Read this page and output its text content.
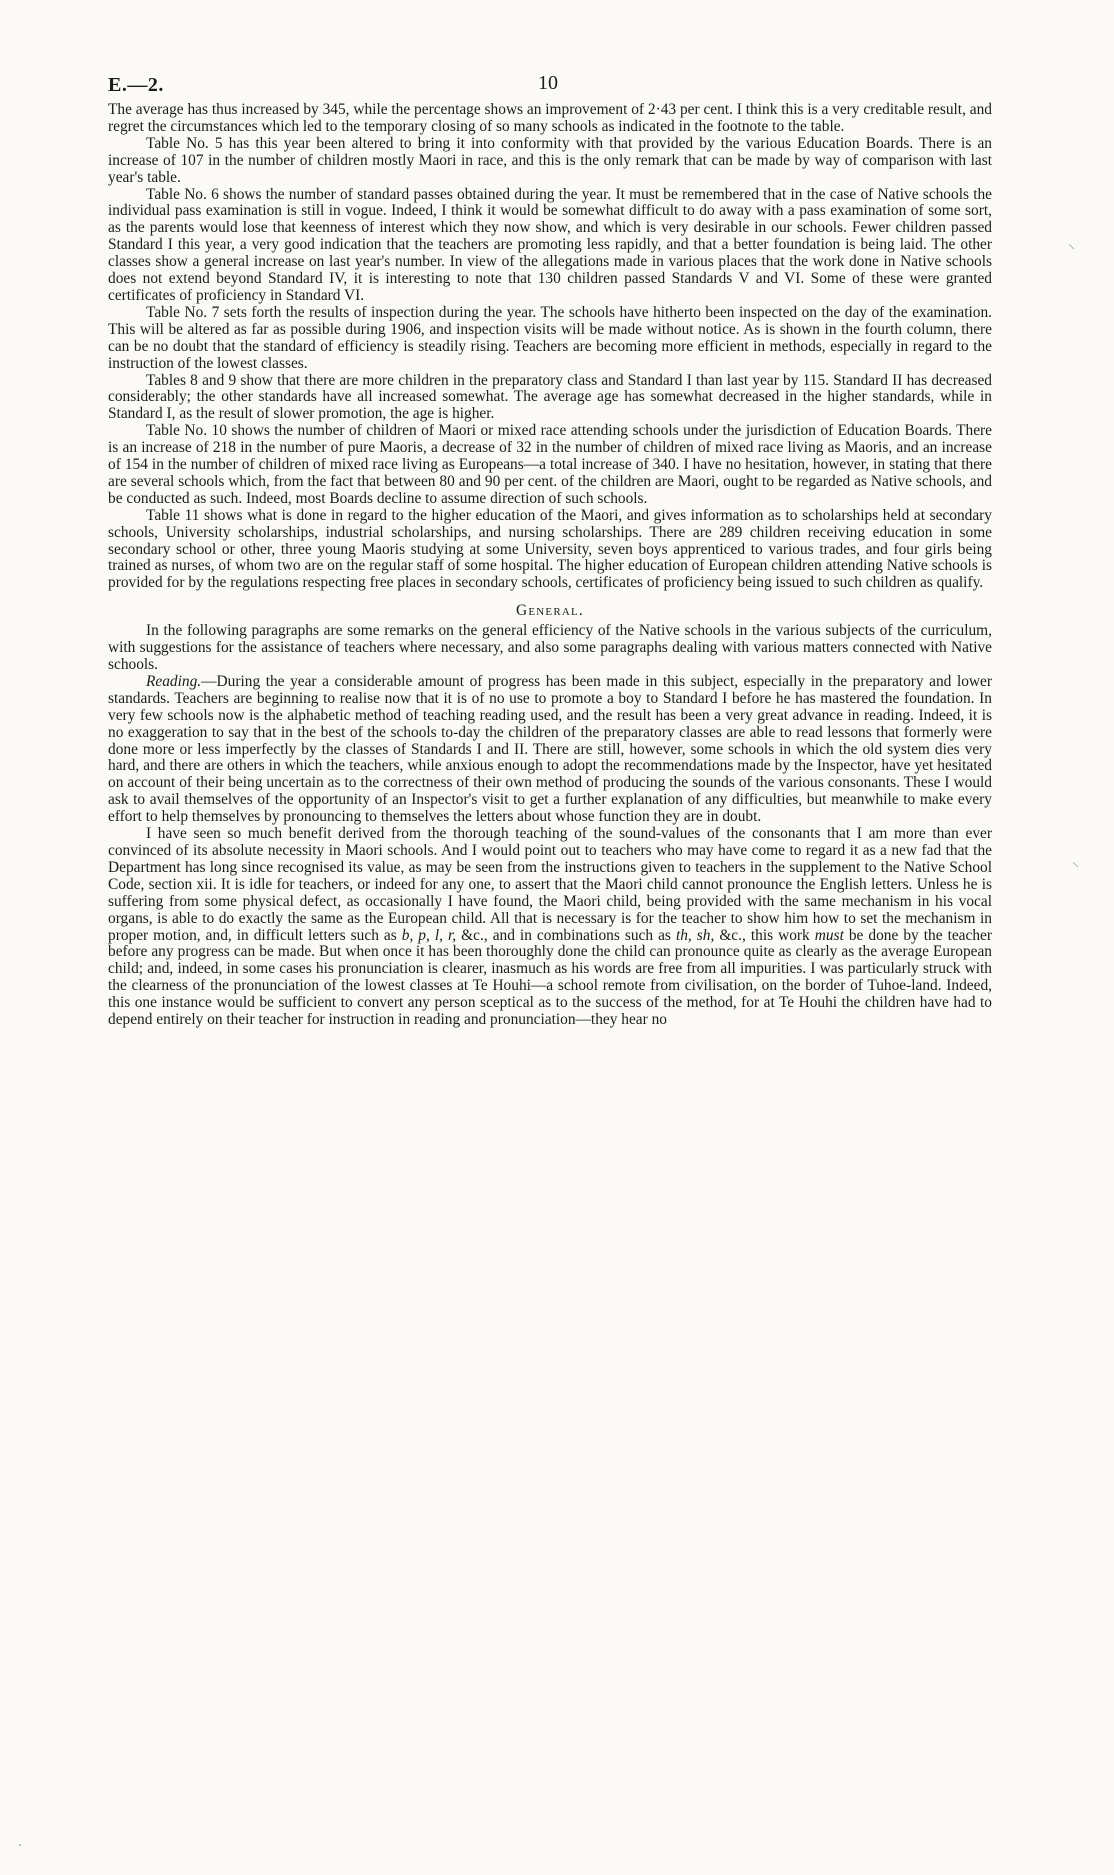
E.—2.	10

The average has thus increased by 345, while the percentage shows an improvement of 2·43 per cent. I think this is a very creditable result, and regret the circumstances which led to the temporary closing of so many schools as indicated in the footnote to the table.

Table No. 5 has this year been altered to bring it into conformity with that provided by the various Education Boards. There is an increase of 107 in the number of children mostly Maori in race, and this is the only remark that can be made by way of comparison with last year's table.

Table No. 6 shows the number of standard passes obtained during the year. It must be remembered that in the case of Native schools the individual pass examination is still in vogue. Indeed, I think it would be somewhat difficult to do away with a pass examination of some sort, as the parents would lose that keenness of interest which they now show, and which is very desirable in our schools. Fewer children passed Standard I this year, a very good indication that the teachers are promoting less rapidly, and that a better foundation is being laid. The other classes show a general increase on last year's number. In view of the allegations made in various places that the work done in Native schools does not extend beyond Standard IV, it is interesting to note that 130 children passed Standards V and VI. Some of these were granted certificates of proficiency in Standard VI.

Table No. 7 sets forth the results of inspection during the year. The schools have hitherto been inspected on the day of the examination. This will be altered as far as possible during 1906, and inspection visits will be made without notice. As is shown in the fourth column, there can be no doubt that the standard of efficiency is steadily rising. Teachers are becoming more efficient in methods, especially in regard to the instruction of the lowest classes.

Tables 8 and 9 show that there are more children in the preparatory class and Standard I than last year by 115. Standard II has decreased considerably; the other standards have all increased somewhat. The average age has somewhat decreased in the higher standards, while in Standard I, as the result of slower promotion, the age is higher.

Table No. 10 shows the number of children of Maori or mixed race attending schools under the jurisdiction of Education Boards. There is an increase of 218 in the number of pure Maoris, a decrease of 32 in the number of children of mixed race living as Maoris, and an increase of 154 in the number of children of mixed race living as Europeans—a total increase of 340. I have no hesitation, however, in stating that there are several schools which, from the fact that between 80 and 90 per cent. of the children are Maori, ought to be regarded as Native schools, and be conducted as such. Indeed, most Boards decline to assume direction of such schools.

Table 11 shows what is done in regard to the higher education of the Maori, and gives information as to scholarships held at secondary schools, University scholarships, industrial scholarships, and nursing scholarships. There are 289 children receiving education in some secondary school or other, three young Maoris studying at some University, seven boys apprenticed to various trades, and four girls being trained as nurses, of whom two are on the regular staff of some hospital. The higher education of European children attending Native schools is provided for by the regulations respecting free places in secondary schools, certificates of proficiency being issued to such children as qualify.

General.

In the following paragraphs are some remarks on the general efficiency of the Native schools in the various subjects of the curriculum, with suggestions for the assistance of teachers where necessary, and also some paragraphs dealing with various matters connected with Native schools.

Reading.—During the year a considerable amount of progress has been made in this subject, especially in the preparatory and lower standards. Teachers are beginning to realise now that it is of no use to promote a boy to Standard I before he has mastered the foundation. In very few schools now is the alphabetic method of teaching reading used, and the result has been a very great advance in reading. Indeed, it is no exaggeration to say that in the best of the schools to-day the children of the preparatory classes are able to read lessons that formerly were done more or less imperfectly by the classes of Standards I and II. There are still, however, some schools in which the old system dies very hard, and there are others in which the teachers, while anxious enough to adopt the recommendations made by the Inspector, have yet hesitated on account of their being uncertain as to the correctness of their own method of producing the sounds of the various consonants. These I would ask to avail themselves of the opportunity of an Inspector's visit to get a further explanation of any difficulties, but meanwhile to make every effort to help themselves by pronouncing to themselves the letters about whose function they are in doubt.

I have seen so much benefit derived from the thorough teaching of the sound-values of the consonants that I am more than ever convinced of its absolute necessity in Maori schools. And I would point out to teachers who may have come to regard it as a new fad that the Department has long since recognised its value, as may be seen from the instructions given to teachers in the supplement to the Native School Code, section xii. It is idle for teachers, or indeed for any one, to assert that the Maori child cannot pronounce the English letters. Unless he is suffering from some physical defect, as occasionally I have found, the Maori child, being provided with the same mechanism in his vocal organs, is able to do exactly the same as the European child. All that is necessary is for the teacher to show him how to set the mechanism in proper motion, and, in difficult letters such as b, p, l, r, &c., and in combinations such as th, sh, &c., this work must be done by the teacher before any progress can be made. But when once it has been thoroughly done the child can pronounce quite as clearly as the average European child; and, indeed, in some cases his pronunciation is clearer, inasmuch as his words are free from all impurities. I was particularly struck with the clearness of the pronunciation of the lowest classes at Te Houhi—a school remote from civilisation, on the border of Tuhoe-land. Indeed, this one instance would be sufficient to convert any person sceptical as to the success of the method, for at Te Houhi the children have had to depend entirely on their teacher for instruction in reading and pronunciation—they hear no

⸌
⸌
·
